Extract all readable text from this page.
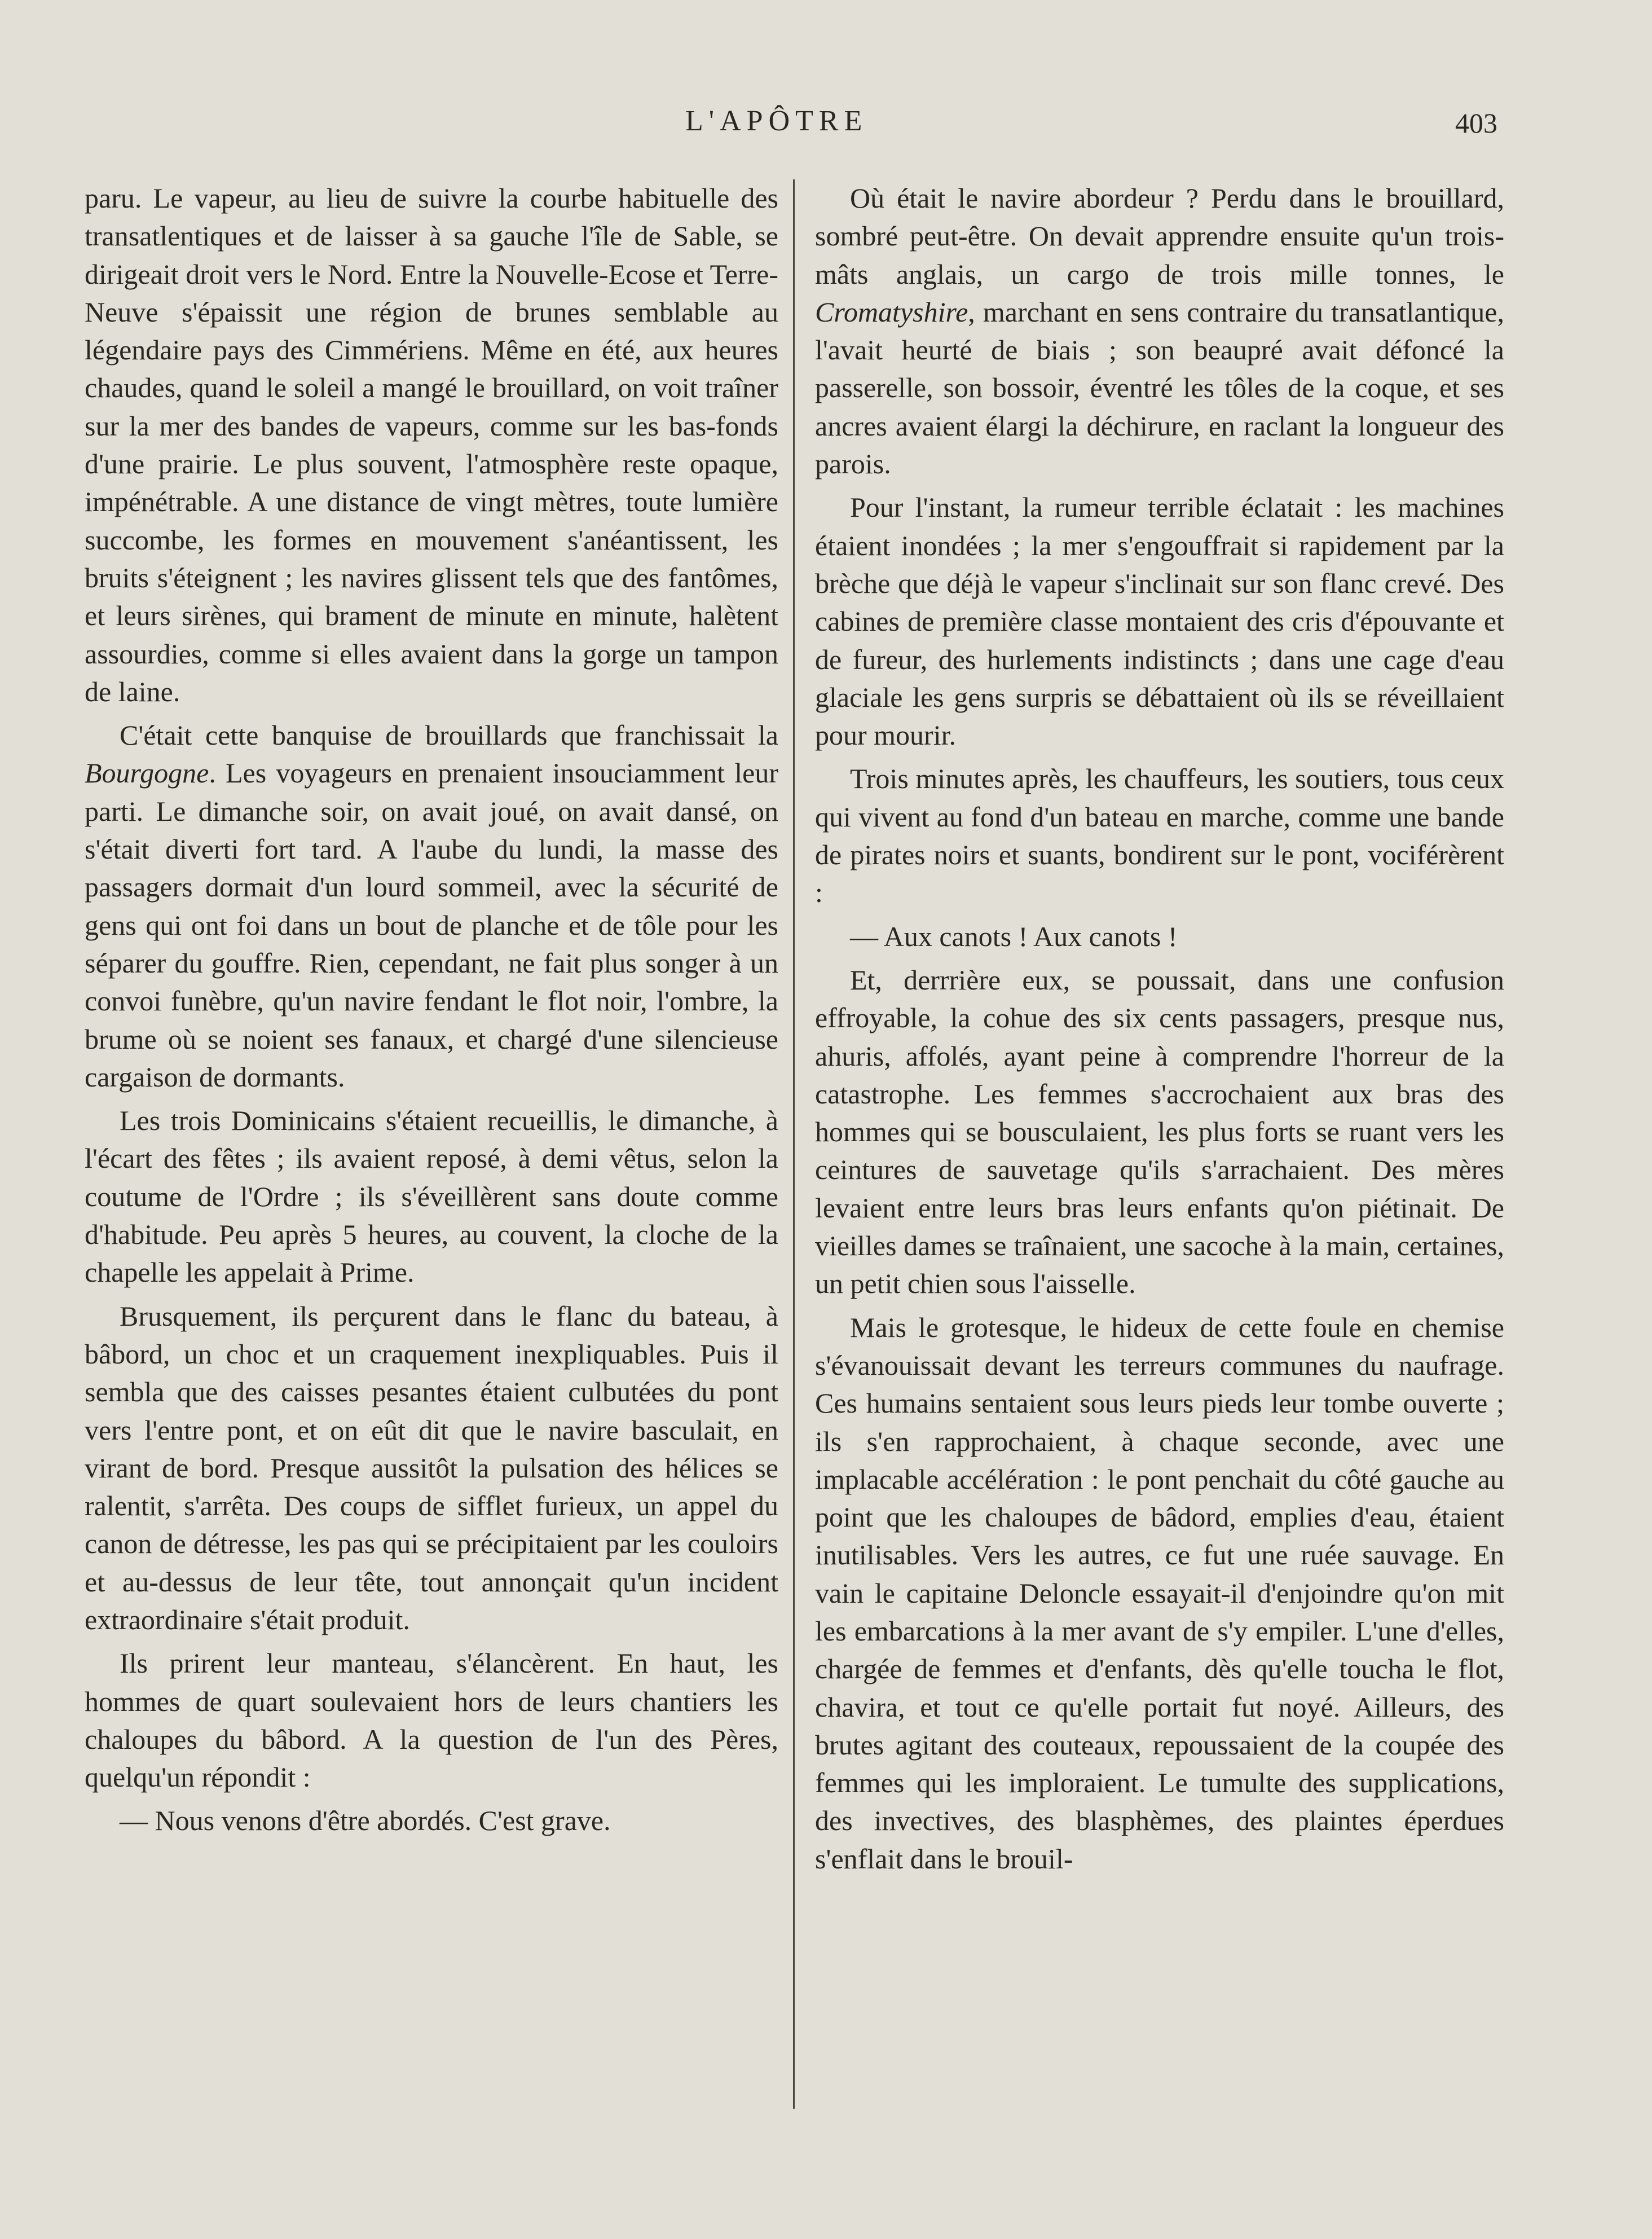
L'APÔTRE	403

paru. Le vapeur, au lieu de suivre la courbe habituelle des transatlentiques et de laisser à sa gauche l'île de Sable, se dirigeait droit vers le Nord. Entre la Nouvelle-Ecose et Terre-Neuve s'épaissit une région de brunes semblable au légendaire pays des Cimmériens. Même en été, aux heures chaudes, quand le soleil a mangé le brouillard, on voit traîner sur la mer des bandes de vapeurs, comme sur les bas-fonds d'une prairie. Le plus souvent, l'atmosphère reste opaque, impénétrable. A une distance de vingt mètres, toute lumière succombe, les formes en mouvement s'anéantissent, les bruits s'éteignent ; les navires glissent tels que des fantômes, et leurs sirènes, qui brament de minute en minute, halètent assourdies, comme si elles avaient dans la gorge un tampon de laine.

C'était cette banquise de brouillards que franchissait la Bourgogne. Les voyageurs en prenaient insouciamment leur parti. Le dimanche soir, on avait joué, on avait dansé, on s'était diverti fort tard. A l'aube du lundi, la masse des passagers dormait d'un lourd sommeil, avec la sécurité de gens qui ont foi dans un bout de planche et de tôle pour les séparer du gouffre. Rien, cependant, ne fait plus songer à un convoi funèbre, qu'un navire fendant le flot noir, l'ombre, la brume où se noient ses fanaux, et chargé d'une silencieuse cargaison de dormants.

Les trois Dominicains s'étaient recueillis, le dimanche, à l'écart des fêtes ; ils avaient reposé, à demi vêtus, selon la coutume de l'Ordre ; ils s'éveillèrent sans doute comme d'habitude. Peu après 5 heures, au couvent, la cloche de la chapelle les appelait à Prime.

Brusquement, ils perçurent dans le flanc du bateau, à bâbord, un choc et un craquement inexpliquables. Puis il sembla que des caisses pesantes étaient culbutées du pont vers l'entre pont, et on eût dit que le navire basculait, en virant de bord. Presque aussitôt la pulsation des hélices se ralentit, s'arrêta. Des coups de sifflet furieux, un appel du canon de détresse, les pas qui se précipitaient par les couloirs et au-dessus de leur tête, tout annonçait qu'un incident extraordinaire s'était produit.

Ils prirent leur manteau, s'élancèrent. En haut, les hommes de quart soulevaient hors de leurs chantiers les chaloupes du bâbord. A la question de l'un des Pères, quelqu'un répondit :

— Nous venons d'être abordés. C'est grave.

Où était le navire abordeur ? Perdu dans le brouillard, sombré peut-être. On devait apprendre ensuite qu'un trois-mâts anglais, un cargo de trois mille tonnes, le Cromatyshire, marchant en sens contraire du transatlantique, l'avait heurté de biais ; son beaupré avait défoncé la passerelle, son bossoir, éventré les tôles de la coque, et ses ancres avaient élargi la déchirure, en raclant la longueur des parois.

Pour l'instant, la rumeur terrible éclatait : les machines étaient inondées ; la mer s'engouffrait si rapidement par la brèche que déjà le vapeur s'inclinait sur son flanc crevé. Des cabines de première classe montaient des cris d'épouvante et de fureur, des hurlements indistincts ; dans une cage d'eau glaciale les gens surpris se débattaient où ils se réveillaient pour mourir.

Trois minutes après, les chauffeurs, les soutiers, tous ceux qui vivent au fond d'un bateau en marche, comme une bande de pirates noirs et suants, bondirent sur le pont, vociférèrent :

— Aux canots ! Aux canots !

Et, derrrière eux, se poussait, dans une confusion effroyable, la cohue des six cents passagers, presque nus, ahuris, affolés, ayant peine à comprendre l'horreur de la catastrophe. Les femmes s'accrochaient aux bras des hommes qui se bousculaient, les plus forts se ruant vers les ceintures de sauvetage qu'ils s'arrachaient. Des mères levaient entre leurs bras leurs enfants qu'on piétinait. De vieilles dames se traînaient, une sacoche à la main, certaines, un petit chien sous l'aisselle.

Mais le grotesque, le hideux de cette foule en chemise s'évanouissait devant les terreurs communes du naufrage. Ces humains sentaient sous leurs pieds leur tombe ouverte ; ils s'en rapprochaient, à chaque seconde, avec une implacable accélération : le pont penchait du côté gauche au point que les chaloupes de bâdord, emplies d'eau, étaient inutilisables. Vers les autres, ce fut une ruée sauvage. En vain le capitaine Deloncle essayait-il d'enjoindre qu'on mit les embarcations à la mer avant de s'y empiler. L'une d'elles, chargée de femmes et d'enfants, dès qu'elle toucha le flot, chavira, et tout ce qu'elle portait fut noyé. Ailleurs, des brutes agitant des couteaux, repoussaient de la coupée des femmes qui les imploraient. Le tumulte des supplications, des invectives, des blasphèmes, des plaintes éperdues s'enflait dans le brouil-
